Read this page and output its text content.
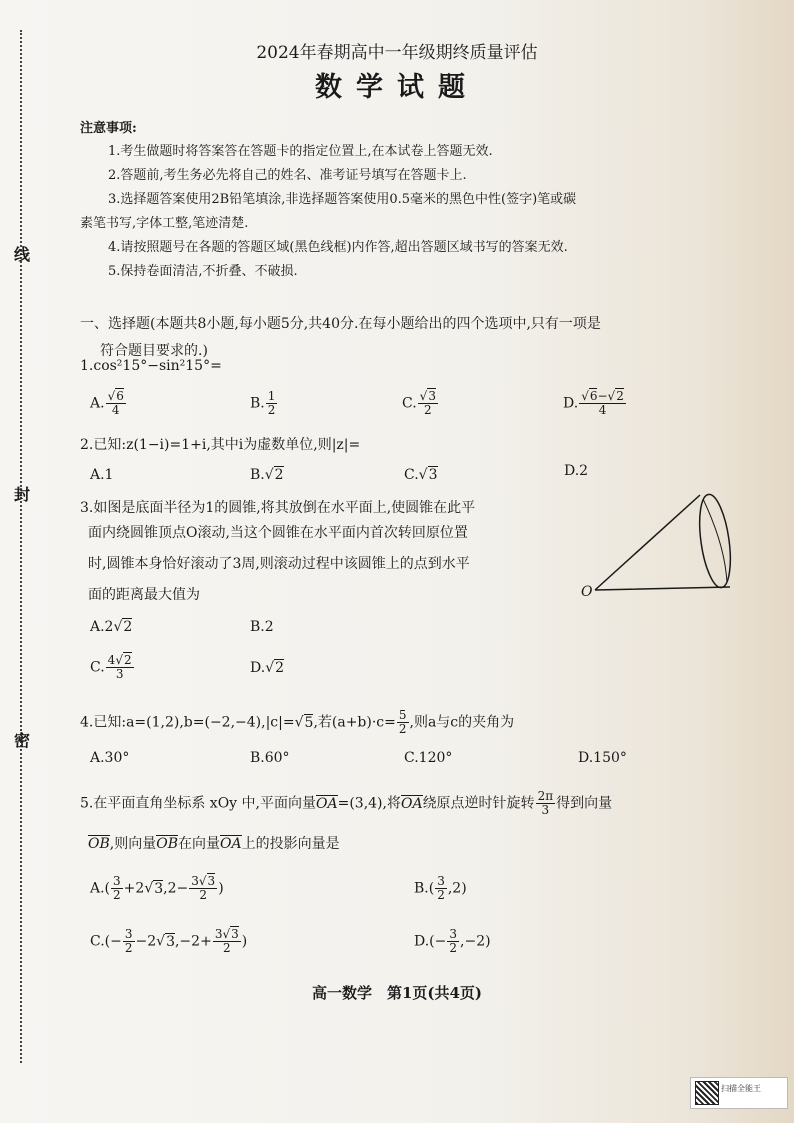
线
封
密
2024年春期高中一年级期终质量评估
数学试题
注意事项:
1.考生做题时将答案答在答题卡的指定位置上,在本试卷上答题无效.
2.答题前,考生务必先将自己的姓名、准考证号填写在答题卡上.
3.选择题答案使用2B铅笔填涂,非选择题答案使用0.5毫米的黑色中性(签字)笔或碳
素笔书写,字体工整,笔迹清楚.
4.请按照题号在各题的答题区域(黑色线框)内作答,超出答题区域书写的答案无效.
5.保持卷面清洁,不折叠、不破损.
一、选择题(本题共8小题,每小题5分,共40分.在每小题给出的四个选项中,只有一项是
符合题目要求的.)
1.cos²15°−sin²15°=
A. $\frac{√6}{4}$	B. $\frac{1}{2}$	C. $\frac{√3}{2}$	D. $\frac{√6-√2}{4}$
2.已知:z(1−i)=1+i,其中i为虚数单位,则|z|=
A.1	B.√2	C.√3	D.2
3.如图是底面半径为1的圆锥,将其放倒在水平面上,使圆锥在此平
面内绕圆锥顶点O滚动,当这个圆锥在水平面内首次转回原位置
时,圆锥本身恰好滚动了3周,则滚动过程中该圆锥上的点到水平
面的距离最大值为
A.2√2	B.2
C. $\frac{4√2}{3}$	D.√2
O
4.已知:a=(1,2),b=(−2,−4),|c|=√5,若$(a+b)\cdot c= \frac{5}{2}$ ,则a与c的夹角为
A.30°	B.60°	C.120°	D.150°
5.在平面直角坐标系 xOy 中,平面向量OA=(3,4),将OA绕原点逆时针旋转 $\frac{2\pi}{3}$ 得到向量
OB,则向量OB在向量OA上的投影向量是
$A.( \frac{3}{2} +2√3,2- \frac{3√3}{2}$ )	$B.( \frac{3}{2} ,2)$
$C.(- \frac{3}{2} -2√3,-2+ \frac{3√3}{2}$ )	$D.(- \frac{3}{2} ,-2)$
高一数学　第1页(共4页)
扫描全能王
